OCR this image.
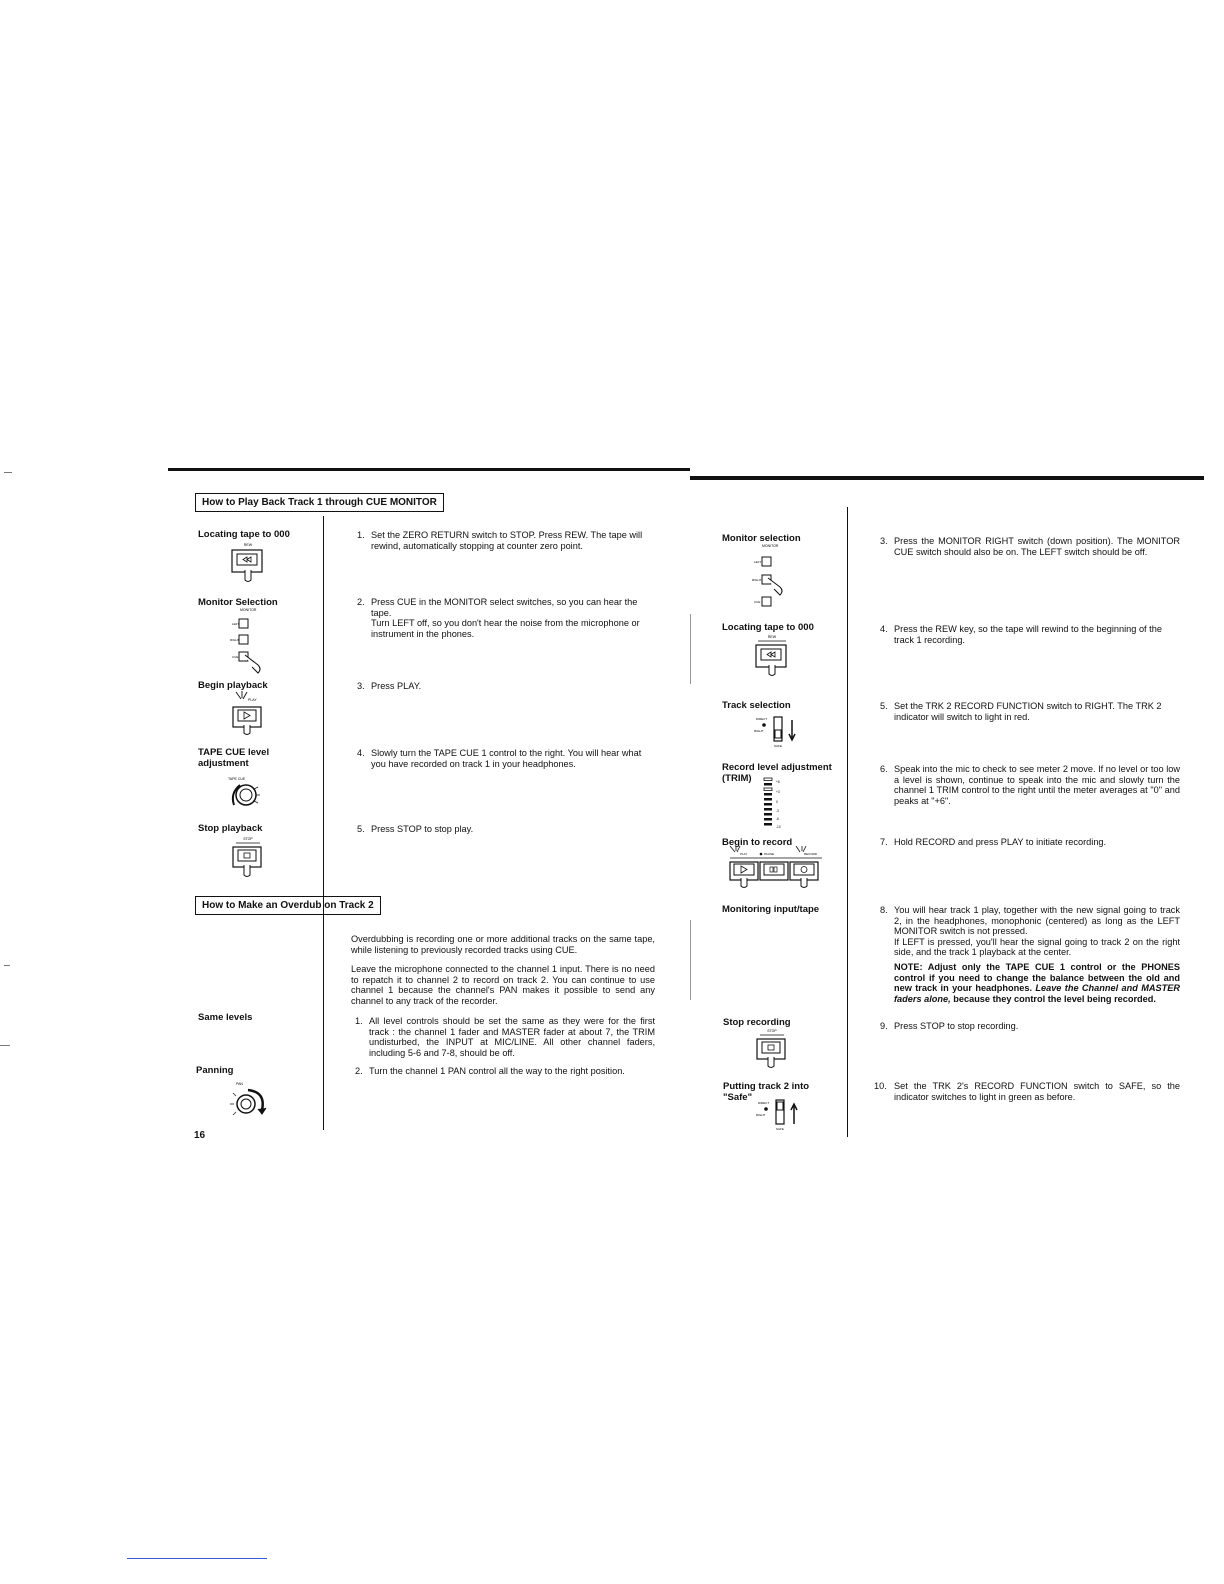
How to Play Back Track 1 through CUE MONITOR
Locating tape to 000
REW
1. Set the ZERO RETURN switch to STOP. Press REW. The tape will rewind, automatically stopping at counter zero point.
Monitor Selection
MONITOR
LEFT
RIGHT
CUE
2. Press CUE in the MONITOR select switches, so you can hear the tape.
Turn LEFT off, so you don't hear the noise from the microphone or instrument in the phones.
Begin playback
PLAY
3. Press PLAY.
TAPE CUE level
adjustment
TAPE CUE
4. Slowly turn the TAPE CUE 1 control to the right. You will hear what you have recorded on track 1 in your headphones.
Stop playback
STOP
5. Press STOP to stop play.
How to Make an Overdub on Track 2
Overdubbing is recording one or more additional tracks on the same tape, while listening to previously recorded tracks using CUE.
Leave the microphone connected to the channel 1 input. There is no need to repatch it to channel 2 to record on track 2. You can continue to use channel 1 because the channel's PAN makes it possible to send any channel to any track of the recorder.
Same levels	1. All level controls should be set the same as they were for the first track : the channel 1 fader and MASTER fader at about 7, the TRIM undisturbed, the INPUT at MIC/LINE. All other channel faders, including 5-6 and 7-8, should be off.
Panning	2. Turn the channel 1 PAN control all the way to the right position.
PAN
16
Monitor selection
MONITOR
LEFT
RIGHT
CUE
3. Press the MONITOR RIGHT switch (down position). The MONITOR CUE switch should also be on. The LEFT switch should be off.
Locating tape to 000
REW
4. Press the REW key, so the tape will rewind to the beginning of the track 1 recording.
Track selection
DIRECT
RIGHT
SAFE
5. Set the TRK 2 RECORD FUNCTION switch to RIGHT. The TRK 2 indicator will switch to light in red.
Record level adjustment
(TRIM)	+6
+3
0
-3
-6
-10
6. Speak into the mic to check to see meter 2 move. If no level or too low a level is shown, continue to speak into the mic and slowly turn the channel 1 TRIM control to the right until the meter averages at "0" and peaks at "+6".
Begin to record
PLAY	PAUSE	RECORD
7. Hold RECORD and press PLAY to initiate recording.
Monitoring input/tape	8. You will hear track 1 play, together with the new signal going to track 2, in the headphones, monophonic (centered) as long as the LEFT MONITOR switch is not pressed.
If LEFT is pressed, you'll hear the signal going to track 2 on the right side, and the track 1 playback at the center.
NOTE: Adjust only the TAPE CUE 1 control or the PHONES control if you need to change the balance between the old and new track in your headphones. Leave the Channel and MASTER faders alone, because they control the level being recorded.
Stop recording
STOP	9. Press STOP to stop recording.
Putting track 2 into
"Safe"	DIRECT
RIGHT
SAFE
10. Set the TRK 2's RECORD FUNCTION switch to SAFE, so the indicator switches to light in green as before.
